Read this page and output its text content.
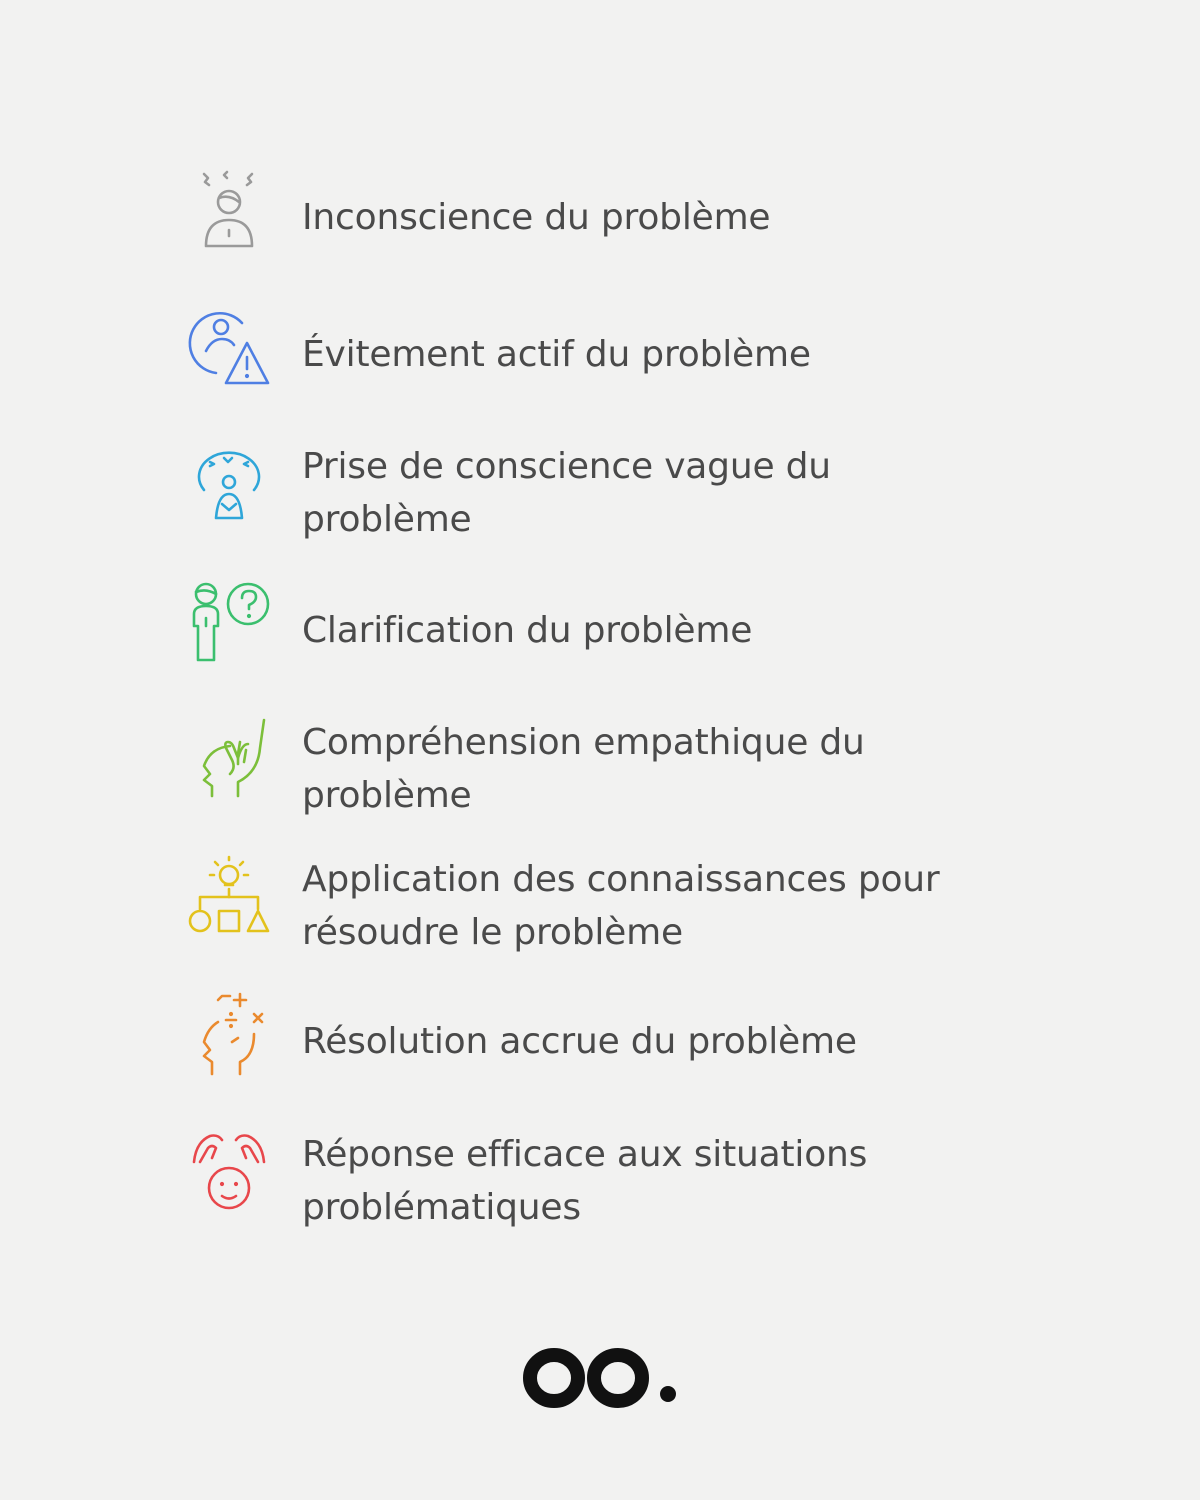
Inconscience du problème
Évitement actif du problème
Prise de conscience vague du problème
Clarification du problème
Compréhension empathique du problème
Application des connaissances pour résoudre le problème
Résolution accrue du problème
Réponse efficace aux situations problématiques
